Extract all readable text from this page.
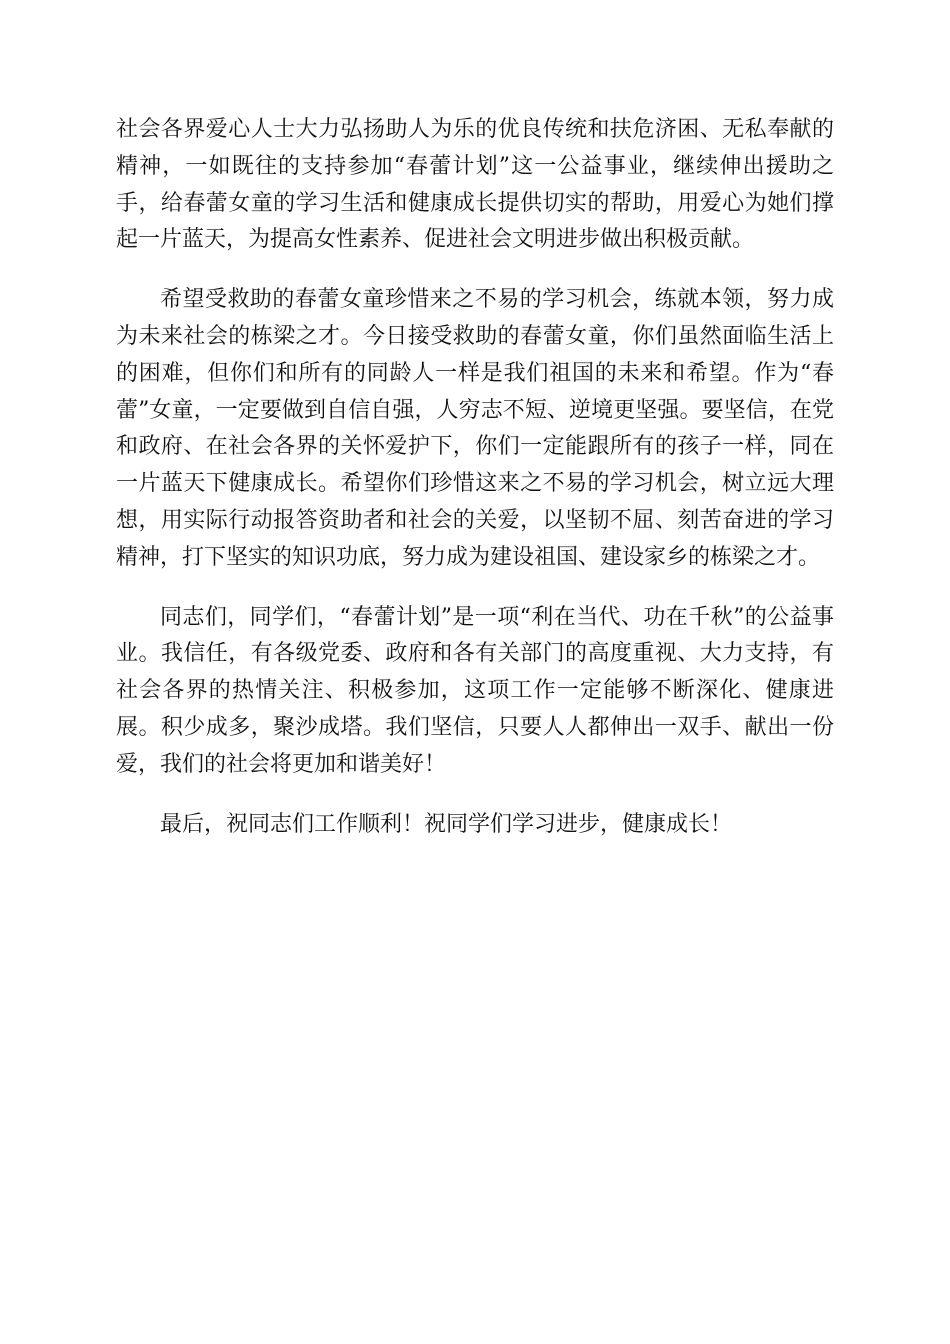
社会各界爱心人士大力弘扬助人为乐的优良传统和扶危济困、无私奉献的精神，一如既往的支持参加“春蕾计划”这一公益事业，继续伸出援助之手，给春蕾女童的学习生活和健康成长提供切实的帮助，用爱心为她们撑起一片蓝天，为提高女性素养、促进社会文明进步做出积极贡献。

希望受救助的春蕾女童珍惜来之不易的学习机会，练就本领，努力成为未来社会的栋梁之才。今日接受救助的春蕾女童，你们虽然面临生活上的困难，但你们和所有的同龄人一样是我们祖国的未来和希望。作为“春蕾”女童，一定要做到自信自强，人穷志不短、逆境更坚强。要坚信，在党和政府、在社会各界的关怀爱护下，你们一定能跟所有的孩子一样，同在一片蓝天下健康成长。希望你们珍惜这来之不易的学习机会，树立远大理想，用实际行动报答资助者和社会的关爱，以坚韧不屈、刻苦奋进的学习精神，打下坚实的知识功底，努力成为建设祖国、建设家乡的栋梁之才。

同志们，同学们，“春蕾计划”是一项“利在当代、功在千秋”的公益事业。我信任，有各级党委、政府和各有关部门的高度重视、大力支持，有社会各界的热情关注、积极参加，这项工作一定能够不断深化、健康进展。积少成多，聚沙成塔。我们坚信，只要人人都伸出一双手、献出一份爱，我们的社会将更加和谐美好！

最后，祝同志们工作顺利！祝同学们学习进步，健康成长！
